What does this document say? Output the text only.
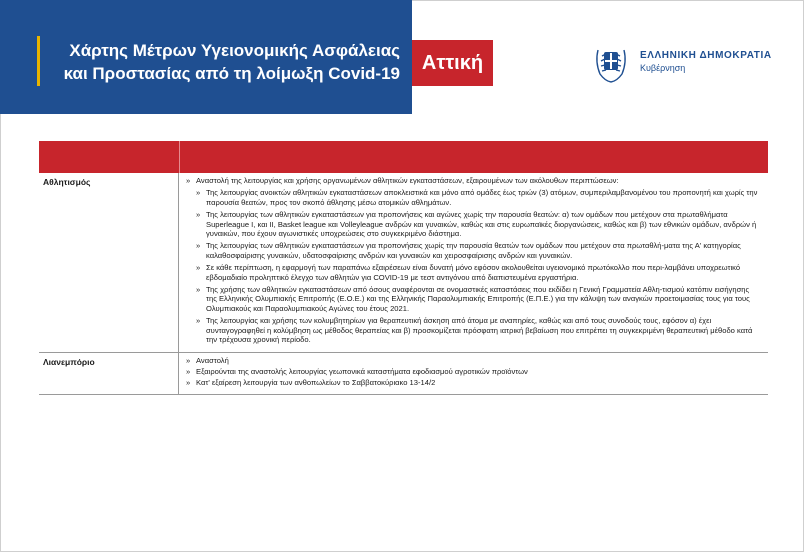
Χάρτης Μέτρων Υγειονομικής Ασφάλειας
και Προστασίας από τη λοίμωξη Covid-19	Αττική	ΕΛΛΗΝΙΚΗ ΔΗΜΟΚΡΑΤΙΑ
Κυβέρνηση
Αθλητισμός	» Αναστολή της λειτουργίας και χρήσης οργανωμένων αθλητικών εγκαταστάσεων, εξαιρουμένων των ακόλουθων περιπτώσεων:
» Της λειτουργίας ανοικτών αθλητικών εγκαταστάσεων αποκλειστικά και μόνο από ομάδες έως τριών (3) ατόμων, συμπεριλαμβανομένου του προπονητή και χωρίς την παρουσία θεατών, προς τον σκοπό άθλησης μέσω ατομικών αθλημάτων.
» Της λειτουργίας των αθλητικών εγκαταστάσεων για προπονήσεις και αγώνες χωρίς την παρουσία θεατών: α) των ομάδων που μετέχουν στα πρωταθλήματα Superleague I, και II, Basket league και Volleyleague ανδρών και γυναικών, καθώς και στις ευρωπαϊκές διοργανώσεις, καθώς και β) των εθνικών ομάδων, ανδρών ή γυναικών, που έχουν αγωνιστικές υποχρεώσεις στο συγκεκριμένο διάστημα.
» Της λειτουργίας των αθλητικών εγκαταστάσεων για προπονήσεις χωρίς την παρουσία θεατών των ομάδων που μετέχουν στα πρωταθλή-ματα της Α' κατηγορίας καλαθοσφαίρισης γυναικών, υδατοσφαίρισης ανδρών και γυναικών και χειροσφαίρισης ανδρών και γυναικών.
» Σε κάθε περίπτωση, η εφαρμογή των παραπάνω εξαιρέσεων είναι δυνατή μόνο εφόσον ακολουθείται υγειονομικό πρωτόκολλο που περι-λαμβάνει υποχρεωτικό εβδομαδιαίο προληπτικό έλεγχο των αθλητών για COVID-19 με τεστ αντιγόνου από διαπιστευμένα εργαστήρια.
» Της χρήσης των αθλητικών εγκαταστάσεων από όσους αναφέρονται σε ονομαστικές καταστάσεις που εκδίδει η Γενική Γραμματεία Αθλη-τισμού κατόπιν εισήγησης της Ελληνικής Ολυμπιακής Επιτροπής (Ε.Ο.Ε.) και της Ελληνικής Παραολυμπιακής Επιτροπής (Ε.Π.Ε.) για την κάλυψη των αναγκών προετοιμασίας τους για τους Ολυμπιακούς και Παραολυμπιακούς Αγώνες του έτους 2021.
» Της λειτουργίας και χρήσης των κολυμβητηρίων για θεραπευτική άσκηση από άτομα με αναπηρίες, καθώς και από τους συνοδούς τους, εφόσον α) έχει συνταγογραφηθεί η κολύμβηση ως μέθοδος θεραπείας και β) προσκομίζεται πρόσφατη ιατρική βεβαίωση που επιτρέπει τη συγκεκριμένη θεραπευτική μέθοδο κατά την τρέχουσα χρονική περίοδο.
Λιανεμπόριο	» Αναστολή
» Εξαιρούνται της αναστολής λειτουργίας γεωπονικά καταστήματα εφοδιασμού αγροτικών προϊόντων
» Κατ' εξαίρεση λειτουργία των ανθοπωλείων το Σαββατοκύριακο 13-14/2
